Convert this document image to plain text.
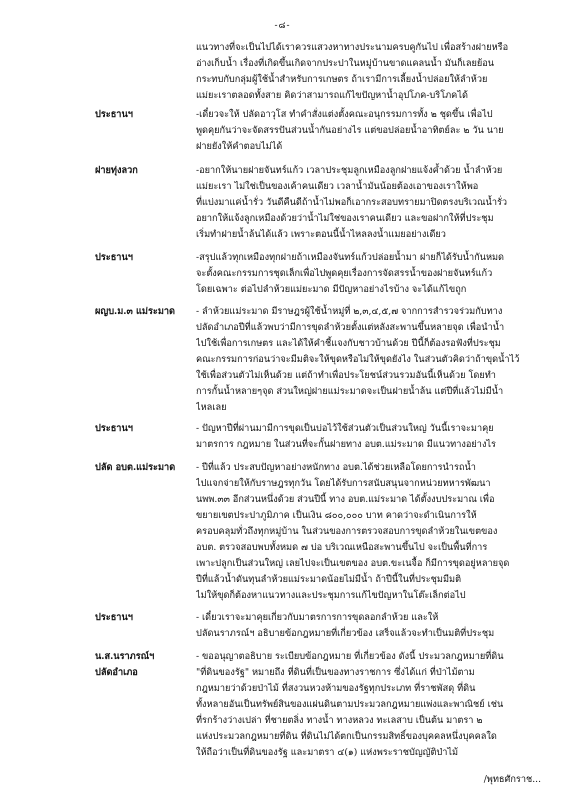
-๘-
แนวทางที่จะเป็นไปได้เราควรแสวงหาทางประนามครบคูกันไป เพื่อสร้างฝายหรือ
อ่างเก็บน้ำ เรื่องที่เกิดขึ้นเกิดจากประปาในหมู่บ้านขาดแคลนน้ำ มันก็เลยย้อน
กระทบกับกลุ่มผู้ใช้น้ำสำหรับการเกษตร ถ้าเรามีการเลี้ยงน้ำปล่อยให้ลำห้วย
แม่ยะเราตลอดทั้งสาย คิดว่าสามารถแก้ไขปัญหาน้ำอุปโภค-บริโภคได้
ประธานฯ	-เดี๋ยวจะให้ ปลัดอาวุโส ทำคำสั่งแต่งตั้งคณะอนุกรรมการทั้ง ๒ ชุดขึ้น เพื่อไป
พูดคุยกันว่าจะจัดสรรปันส่วนน้ำกันอย่างไร แต่ขอปล่อยน้ำอาทิตย์ละ ๒ วัน นาย
ฝายยังให้คำตอบไม่ได้
ฝายทุ่งลวก	-อยากให้นายฝายจันทร์แก้ว เวลาประชุมลูกเหมืองลูกฝายแจ้งค้ำด้วย น้ำลำห้วย
แม่ยะเรา ไม่ใช่เป็นของเค้าคนเดียว เวลาน้ำมันน้อยต้องเอาของเราให้พอ
ที่แบ่งมาแค่น้ำรั่ว วันดีคืนดีถ้าน้ำไม่พอก็เอากระสอบทรายมาปิดตรงบริเวณน้ำรั่ว
อยากให้แจ้งลูกเหมืองด้วยว่าน้ำไม่ใช่ของเราคนเดียว และขอฝากให้ที่ประชุม
เริ่มทำฝายน้ำล้นได้แล้ว เพราะตอนนี้น้ำไหลลงน้ำแมยอย่างเดียว
ประธานฯ	-สรุปแล้วทุกเหมืองทุกฝายถ้าเหมืองจันทร์แก้วปล่อยน้ำมา ฝายก็ได้รับน้ำกันหมด
จะตั้งคณะกรรมการชุดเล็กเพื่อไปพูดคุยเรื่องการจัดสรรน้ำของฝายจันทร์แก้ว
โดยเฉพาะ ต่อไปลำห้วยแม่ยะมาด มีปัญหาอย่างไรบ้าง จะได้แก้ไขถูก
ผญบ.ม.๓ แม่ระมาด - ลำห้วยแม่ระมาด มีราษฎรผู้ใช้น้ำหมู่ที่ ๒,๓,๔,๕,๗ จากการสำรวจร่วมกับทาง
ปลัดอำเภอปีที่แล้วพบว่ามีการขุดลำห้วยตั้งแต่หลังสะพานขึ้นหลายจุด เพื่อนำน้ำ
ไปใช้เพื่อการเกษตร และได้ให้คำชี้แจงกับชาวบ้านด้วย ปีนี้ก็ต้องรอฟังที่ประชุม
คณะกรรมการก่อนว่าจะมีมติจะให้ขุดหรือไม่ให้ขุดยังไง ในส่วนตัวคิดว่าถ้าขุดน้ำไว้
ใช้เพื่อส่วนตัวไม่เห็นด้วย แต่ถ้าทำเพื่อประโยชน์ส่วนรวมอันนี้เห็นด้วย โดยทำ
การกั้นน้ำหลายๆจุด ส่วนใหญ่ฝายแม่ระมาดจะเป็นฝายน้ำล้น แต่ปีที่แล้วไม่มีน้ำ
ไหลเลย
ประธานฯ	- ปัญหาปีที่ผ่านมามีการขุดเป็นบ่อไว้ใช้ส่วนตัวเป็นส่วนใหญ่ วันนี้เราจะมาคุย
มาตรการ กฎหมาย ในส่วนที่จะกั้นฝายทาง อบต.แม่ระมาด มีแนวทางอย่างไร
ปลัด อบต.แม่ระมาด - ปีที่แล้ว ประสบปัญหาอย่างหนักทาง อบต.ได้ช่วยเหลือโดยการนำรถน้ำ
ไปแจกจ่ายให้กับราษฎรทุกวัน โดยได้รับการสนับสนุนจากหน่วยทหารพัฒนา
นพพ.๓๓ อีกส่วนหนึ่งด้วย ส่วนปีนี้ ทาง อบต.แม่ระมาด ได้ตั้งงบประมาณ เพื่อ
ขยายเขตประปาภูมิภาค เป็นเงิน ๘๐๐,๐๐๐ บาท คาดว่าจะดำเนินการให้
ครอบคลุมทั่วถึงทุกหมู่บ้าน ในส่วนของการตรวจสอบการขุดลำห้วยในเขตของ
อบต. ตรวจสอบพบทั้งหมด ๗ บ่อ บริเวณเหนือสะพานขึ้นไป จะเป็นพื้นที่การ
เพาะปลูกเป็นส่วนใหญ่ เลยไปจะเป็นเขตของ อบต.ขะเนจื้อ ก็มีการขุดอยู่หลายจุด
ปีที่แล้วน้ำดันทุนลำห้วยแม่ระมาดน้อยไม่มีน้ำ ถ้าปีนี้ในที่ประชุมมีมติ
ไม่ให้ขุดก็ต้องหาแนวทางและประชุมการแก้ไขปัญหาในโต๊ะเล็กต่อไป
ประธานฯ	- เดี๋ยวเราจะมาคุยเกี่ยวกับมาตรการการขุดลอกลำห้วย และให้
ปลัดนราภรณ์ฯ อธิบายข้อกฎหมายที่เกี่ยวข้อง เสร็จแล้วจะทำเป็นมติที่ประชุม
น.ส.นราภรณ์ฯ
ปลัดอำเภอ
- ขออนุญาตอธิบาย ระเบียบข้อกฎหมาย ที่เกี่ยวข้อง ดังนี้ ประมวลกฎหมายที่ดิน
"ที่ดินของรัฐ" หมายถึง ที่ดินที่เป็นของทางราชการ ซึ่งได้แก่ ที่ป่าไม้ตาม
กฎหมายว่าด้วยป่าไม้ ที่สงวนหวงห้ามของรัฐทุกประเภท ที่ราชพัสดุ ที่ดิน
ทั้งหลายอันเป็นทรัพย์สินของแผ่นดินตามประมวลกฎหมายแพ่งและพาณิชย์ เช่น
ที่รกร้างว่างเปล่า ที่ชายตลิ่ง ทางน้ำ ทางหลวง ทะเลสาบ เป็นต้น มาตรา ๒
แห่งประมวลกฎหมายที่ดิน ที่ดินไม่ได้ตกเป็นกรรมสิทธิ์ของบุคคลหนึ่งบุคคลใด
ให้ถือว่าเป็นที่ดินของรัฐ และมาตรา ๔(๑) แห่งพระราชบัญญัติป่าไม้
/พุทธศักราช...
